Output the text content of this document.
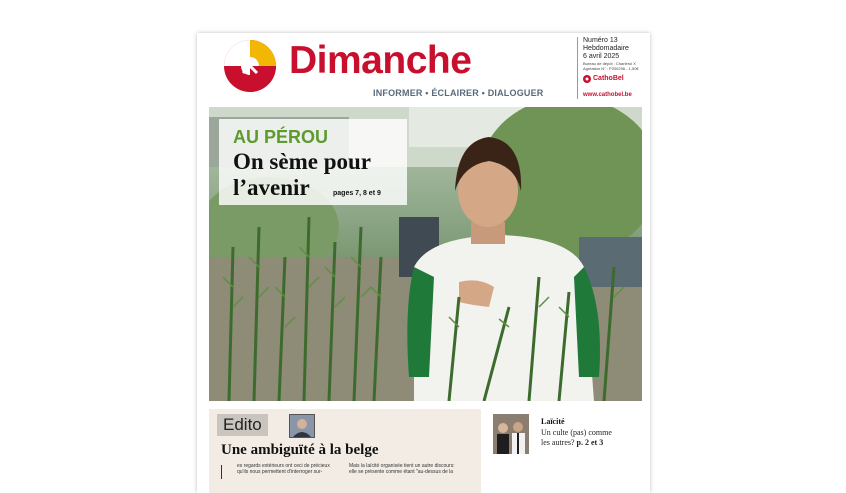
Dimanche
INFORMER • ÉCLAIRER • DIALOGUER
Numéro 13
Hebdomadaire
6 avril 2025
Bureau de dépôt : Charleroi X
Agréation N° : P200296 - 1,50€
CathoBel
www.cathobel.be
AU PÉROU
On sème pour
l’avenir	pages 7, 8 et 9
Edito
Une ambiguïté à la belge
es regards extérieurs ont ceci de précieux
qu'ils nous permettent d'interroger sur-
Mais la laïcité organisée tient un autre discours:
elle se présente comme étant "au-dessus de la
Laïcité
Un culte (pas) comme
les autres? p. 2 et 3
